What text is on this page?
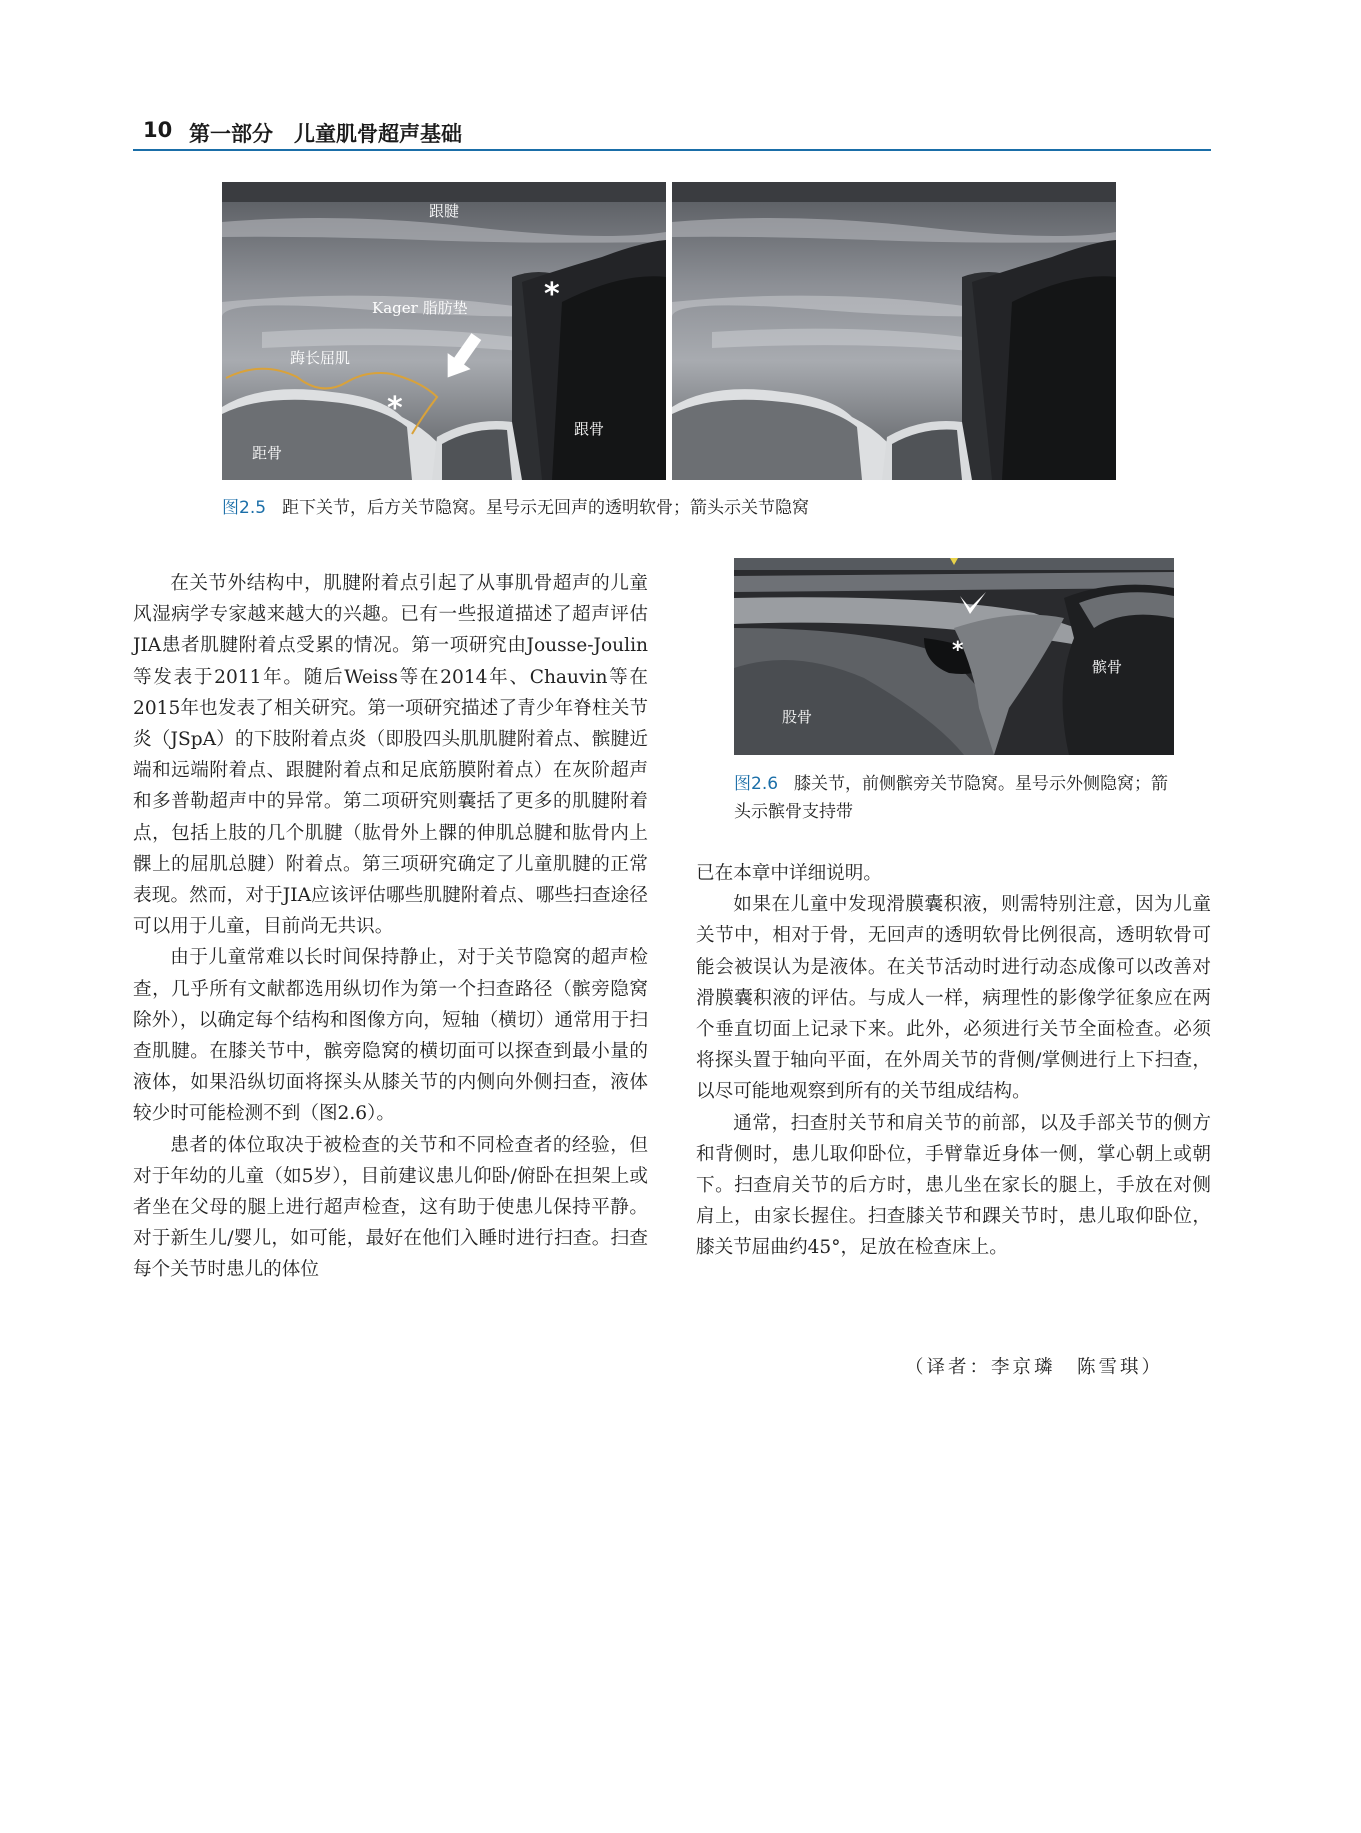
10 第一部分　儿童肌骨超声基础
跟腱
Kager 脂肪垫
踇长屈肌
距骨
跟骨
*
*
图2.5 距下关节，后方关节隐窝。星号示无回声的透明软骨；箭头示关节隐窝
髌骨
股骨
*
图2.6 膝关节，前侧髌旁关节隐窝。星号示外侧隐窝；箭头示髌骨支持带

在关节外结构中，肌腱附着点引起了从事肌骨超声的儿童风湿病学专家越来越大的兴趣。已有一些报道描述了超声评估JIA患者肌腱附着点受累的情况。第一项研究由Jousse-Joulin等发表于2011年。随后Weiss等在2014年、Chauvin等在2015年也发表了相关研究。第一项研究描述了青少年脊柱关节炎（JSpA）的下肢附着点炎（即股四头肌肌腱附着点、髌腱近端和远端附着点、跟腱附着点和足底筋膜附着点）在灰阶超声和多普勒超声中的异常。第二项研究则囊括了更多的肌腱附着点，包括上肢的几个肌腱（肱骨外上髁的伸肌总腱和肱骨内上髁上的屈肌总腱）附着点。第三项研究确定了儿童肌腱的正常表现。然而，对于JIA应该评估哪些肌腱附着点、哪些扫查途径可以用于儿童，目前尚无共识。

由于儿童常难以长时间保持静止，对于关节隐窝的超声检查，几乎所有文献都选用纵切作为第一个扫查路径（髌旁隐窝除外），以确定每个结构和图像方向，短轴（横切）通常用于扫查肌腱。在膝关节中，髌旁隐窝的横切面可以探查到最小量的液体，如果沿纵切面将探头从膝关节的内侧向外侧扫查，液体较少时可能检测不到（图2.6）。

患者的体位取决于被检查的关节和不同检查者的经验，但对于年幼的儿童（如5岁），目前建议患儿仰卧/俯卧在担架上或者坐在父母的腿上进行超声检查，这有助于使患儿保持平静。对于新生儿/婴儿，如可能，最好在他们入睡时进行扫查。扫查每个关节时患儿的体位

已在本章中详细说明。

如果在儿童中发现滑膜囊积液，则需特别注意，因为儿童关节中，相对于骨，无回声的透明软骨比例很高，透明软骨可能会被误认为是液体。在关节活动时进行动态成像可以改善对滑膜囊积液的评估。与成人一样，病理性的影像学征象应在两个垂直切面上记录下来。此外，必须进行关节全面检查。必须将探头置于轴向平面，在外周关节的背侧/掌侧进行上下扫查，以尽可能地观察到所有的关节组成结构。

通常，扫查肘关节和肩关节的前部，以及手部关节的侧方和背侧时，患儿取仰卧位，手臂靠近身体一侧，掌心朝上或朝下。扫查肩关节的后方时，患儿坐在家长的腿上，手放在对侧肩上，由家长握住。扫查膝关节和踝关节时，患儿取仰卧位，膝关节屈曲约45°，足放在检查床上。

（译者：李京璘　陈雪琪）
